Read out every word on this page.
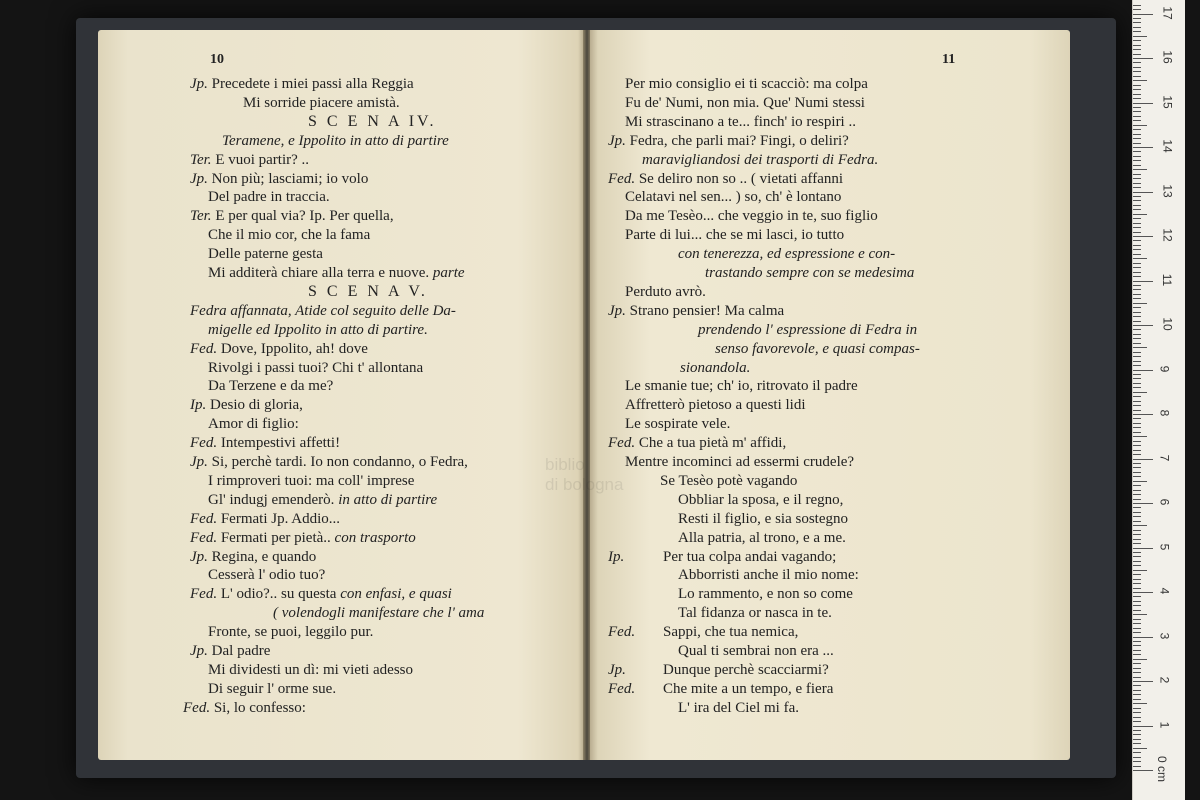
10
Jp. Precedete i miei passi alla Reggia
Mi sorride piacere amistà.
S C E N A IV.
Teramene, e Ippolito in atto di partire
Ter. E vuoi partir? ..
Jp. Non più; lasciami; io volo
Del padre in traccia.
Ter. E per qual via? Ip. Per quella,
Che il mio cor, che la fama
Delle paterne gesta
Mi additerà chiare alla terra e nuove. parte
S C E N A V.
Fedra affannata, Atide col seguito delle Da-
migelle ed Ippolito in atto di partire.
Fed. Dove, Ippolito, ah! dove
Rivolgi i passi tuoi? Chi t' allontana
Da Terzene e da me?
Ip. Desio di gloria,
Amor di figlio:
Fed. Intempestivi affetti!
Jp. Si, perchè tardi. Io non condanno, o Fedra,
I rimproveri tuoi: ma coll' imprese
Gl' indugj emenderò. in atto di partire
Fed. Fermati Jp. Addio...
Fed. Fermati per pietà.. con trasporto
Jp. Regina, e quando
Cesserà l' odio tuo?
Fed. L' odio?.. su questa con enfasi, e quasi
( volendogli manifestare che l' ama
Fronte, se puoi, leggilo pur.
Jp. Dal padre
Mi dividesti un dì: mi vieti adesso
Di seguir l' orme sue.
Fed. Si, lo confesso:
11
Per mio consiglio ei ti scacciò: ma colpa
Fu de' Numi, non mia. Que' Numi stessi
Mi strascinano a te... finch' io respiri ..
Jp. Fedra, che parli mai? Fingi, o deliri?
maravigliandosi dei trasporti di Fedra.
Fed. Se deliro non so .. ( vietati affanni
Celatavi nel sen... ) so, ch' è lontano
Da me Tesèo... che veggio in te, suo figlio
Parte di lui... che se mi lasci, io tutto
con tenerezza, ed espressione e con-
trastando sempre con se medesima
Perduto avrò.
Jp. Strano pensier! Ma calma
prendendo l' espressione di Fedra in
senso favorevole, e quasi compas-
sionandola.
Le smanie tue; ch' io, ritrovato il padre
Affretterò pietoso a questi lidi
Le sospirate vele.
Fed. Che a tua pietà m' affidi,
Mentre incominci ad essermi crudele?
Se Tesèo potè vagando
Obbliar la sposa, e il regno,
Resti il figlio, e sia sostegno
Alla patria, al trono, e a me.
Ip.	Per tua colpa andai vagando;
Abborristi anche il mio nome:
Lo rammento, e non so come
Tal fidanza or nasca in te.
Fed.Sappi, che tua nemica,
Qual ti sembrai non era ...
Jp.Dunque perchè scacciarmi?
Fed.Che mite a un tempo, e fiera
L' ira del Ciel mi fa.
0 cm
1
2
3
4
5
6
7
8
9
10
11
12
13
14
15
16
17
